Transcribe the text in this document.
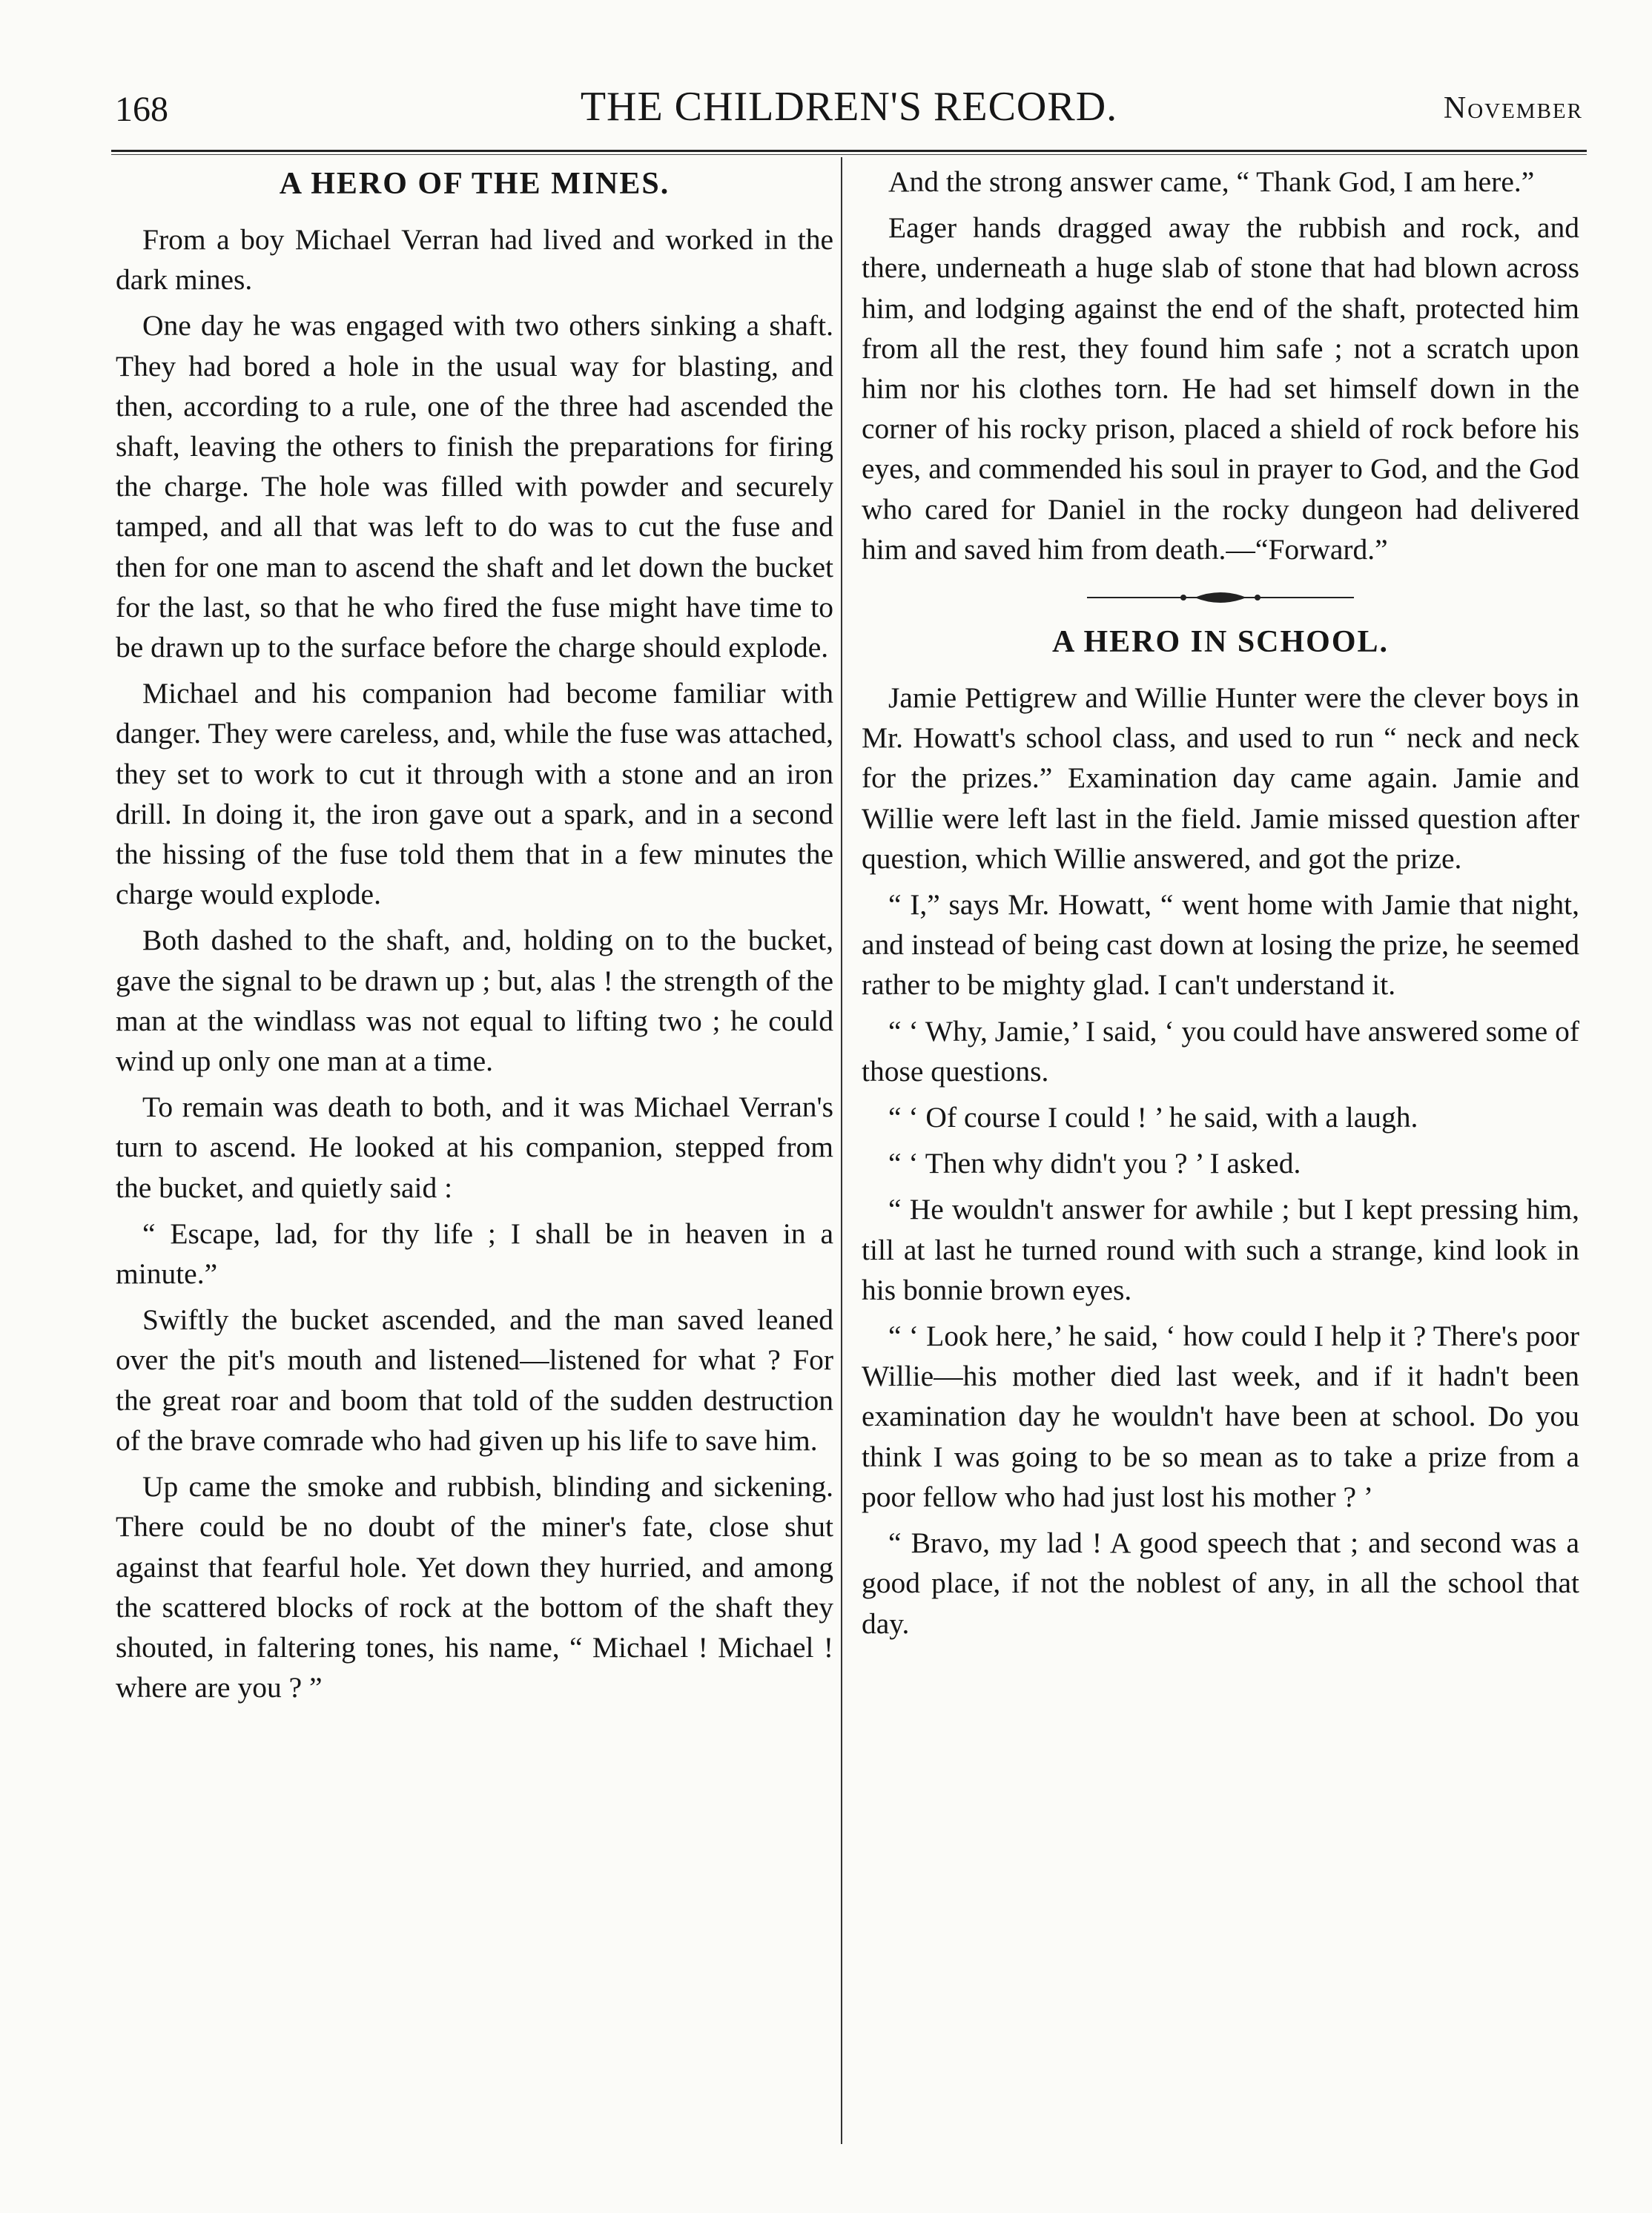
168	THE CHILDREN'S RECORD.	November
A HERO OF THE MINES.

From a boy Michael Verran had lived and worked in the dark mines.

One day he was engaged with two others sinking a shaft. They had bored a hole in the usual way for blasting, and then, according to a rule, one of the three had ascended the shaft, leaving the others to finish the preparations for firing the charge. The hole was filled with powder and securely tamped, and all that was left to do was to cut the fuse and then for one man to ascend the shaft and let down the bucket for the last, so that he who fired the fuse might have time to be drawn up to the surface before the charge should explode.

Michael and his companion had become familiar with danger. They were careless, and, while the fuse was attached, they set to work to cut it through with a stone and an iron drill. In doing it, the iron gave out a spark, and in a second the hissing of the fuse told them that in a few minutes the charge would explode.

Both dashed to the shaft, and, holding on to the bucket, gave the signal to be drawn up ; but, alas ! the strength of the man at the windlass was not equal to lifting two ; he could wind up only one man at a time.

To remain was death to both, and it was Michael Verran's turn to ascend. He looked at his companion, stepped from the bucket, and quietly said :

“ Escape, lad, for thy life ; I shall be in heaven in a minute.”

Swiftly the bucket ascended, and the man saved leaned over the pit's mouth and listened—listened for what ? For the great roar and boom that told of the sudden destruction of the brave comrade who had given up his life to save him.

Up came the smoke and rubbish, blinding and sickening. There could be no doubt of the miner's fate, close shut against that fearful hole. Yet down they hurried, and among the scattered blocks of rock at the bottom of the shaft they shouted, in faltering tones, his name, “ Michael ! Michael ! where are you ? ”

And the strong answer came, “ Thank God, I am here.”

Eager hands dragged away the rubbish and rock, and there, underneath a huge slab of stone that had blown across him, and lodging against the end of the shaft, protected him from all the rest, they found him safe ; not a scratch upon him nor his clothes torn. He had set himself down in the corner of his rocky prison, placed a shield of rock before his eyes, and commended his soul in prayer to God, and the God who cared for Daniel in the rocky dungeon had delivered him and saved him from death.—“Forward.”

A HERO IN SCHOOL.

Jamie Pettigrew and Willie Hunter were the clever boys in Mr. Howatt's school class, and used to run “ neck and neck for the prizes.” Examination day came again. Jamie and Willie were left last in the field. Jamie missed question after question, which Willie answered, and got the prize.

“ I,” says Mr. Howatt, “ went home with Jamie that night, and instead of being cast down at losing the prize, he seemed rather to be mighty glad. I can't understand it.

“ ‘ Why, Jamie,’ I said, ‘ you could have answered some of those questions.

“ ‘ Of course I could ! ’ he said, with a laugh.

“ ‘ Then why didn't you ? ’ I asked.

“ He wouldn't answer for awhile ; but I kept pressing him, till at last he turned round with such a strange, kind look in his bonnie brown eyes.

“ ‘ Look here,’ he said, ‘ how could I help it ? There's poor Willie—his mother died last week, and if it hadn't been examination day he wouldn't have been at school. Do you think I was going to be so mean as to take a prize from a poor fellow who had just lost his mother ? ’

“ Bravo, my lad ! A good speech that ; and second was a good place, if not the noblest of any, in all the school that day.
